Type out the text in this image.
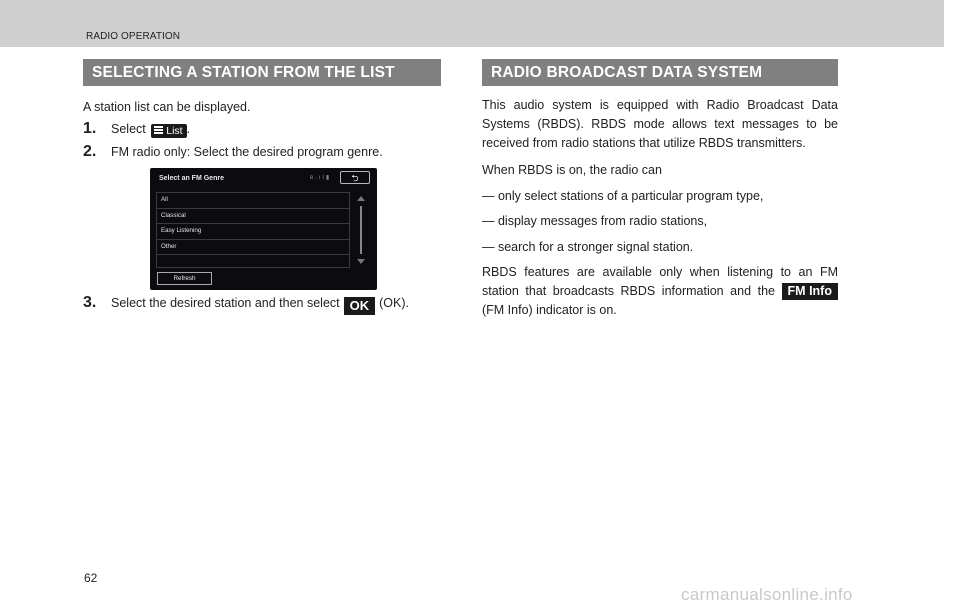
RADIO OPERATION
SELECTING A STATION FROM THE LIST
A station list can be displayed.
1. Select List .
2. FM radio only: Select the desired program genre.
3. Select the desired station and then select OK (OK).
Select an FM Genre	ʙ.ıl▮	⮌
All
Classical
Easy Listening
Other
Refresh
RADIO BROADCAST DATA SYSTEM
This audio system is equipped with Radio Broadcast Data Systems (RBDS). RBDS mode allows text messages to be received from radio stations that utilize RBDS transmitters.
When RBDS is on, the radio can
— only select stations of a particular program type,
— display messages from radio stations,
— search for a stronger signal station.
RBDS features are available only when listening to an FM station that broadcasts RBDS information and the FM Info (FM Info) indicator is on.
62
carmanualsonline.info
